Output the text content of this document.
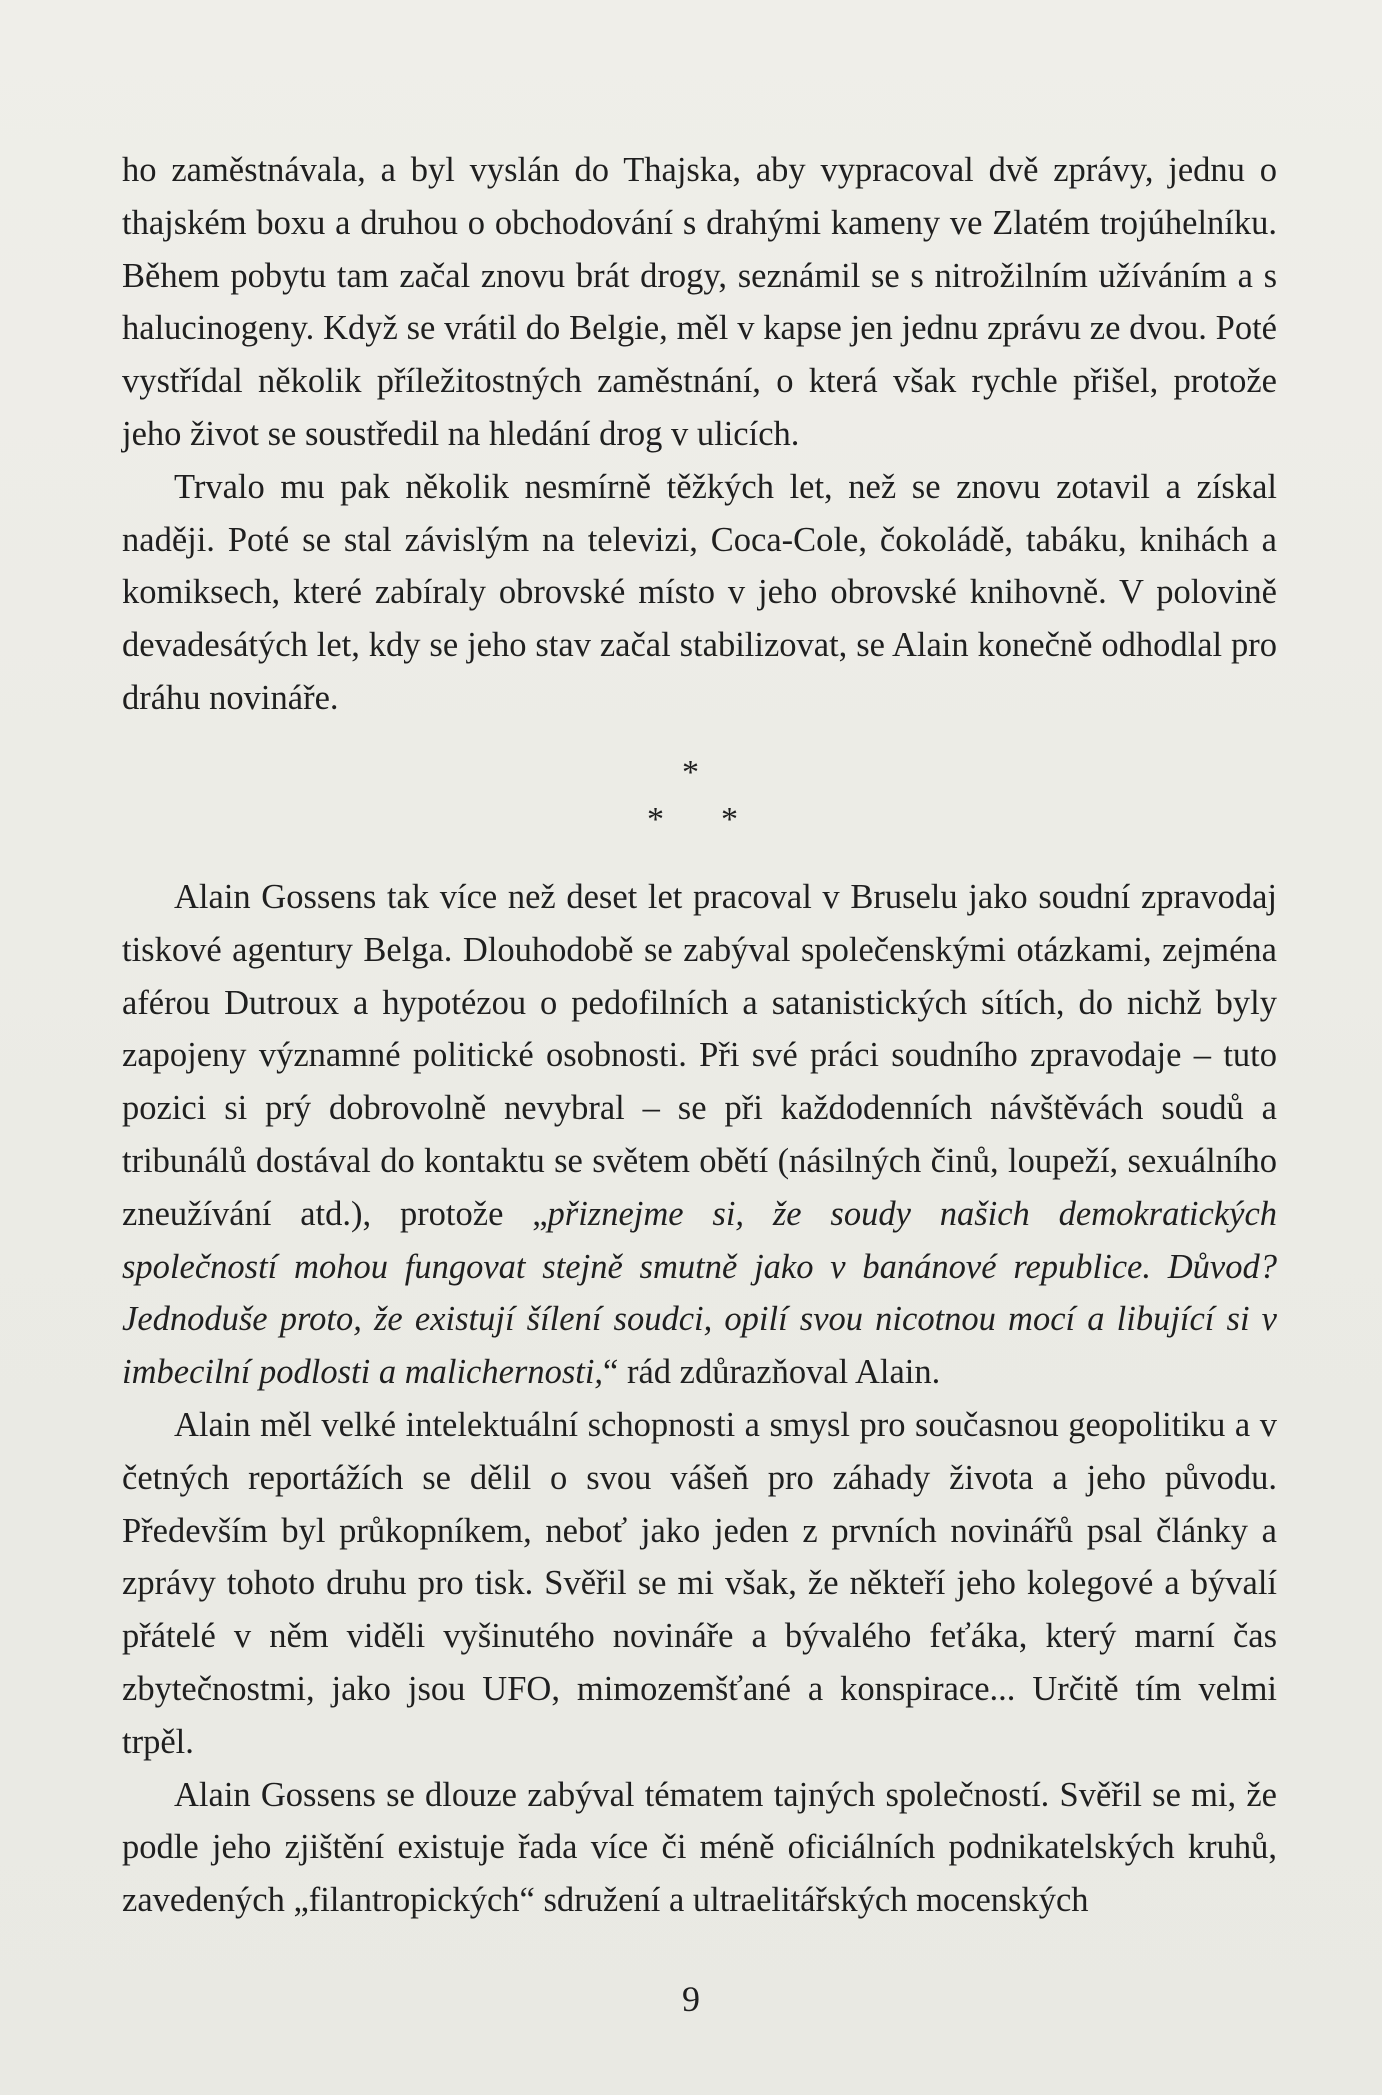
ho zaměstnávala, a byl vyslán do Thajska, aby vypracoval dvě zprávy, jednu o thajském boxu a druhou o obchodování s drahými kameny ve Zlatém trojúhelníku. Během pobytu tam začal znovu brát drogy, seznámil se s nitrožilním užíváním a s halucinogeny. Když se vrátil do Belgie, měl v kapse jen jednu zprávu ze dvou. Poté vystřídal několik příležitostných zaměstnání, o která však rychle přišel, protože jeho život se soustředil na hledání drog v ulicích.

Trvalo mu pak několik nesmírně těžkých let, než se znovu zotavil a získal naději. Poté se stal závislým na televizi, Coca-Cole, čokoládě, tabáku, knihách a komiksech, které zabíraly obrovské místo v jeho obrovské knihovně. V polovině devadesátých let, kdy se jeho stav začal stabilizovat, se Alain konečně odhodlal pro dráhu novináře.

*
* *

Alain Gossens tak více než deset let pracoval v Bruselu jako soudní zpravodaj tiskové agentury Belga. Dlouhodobě se zabýval společenskými otázkami, zejména aférou Dutroux a hypotézou o pedofilních a satanistických sítích, do nichž byly zapojeny významné politické osobnosti. Při své práci soudního zpravodaje – tuto pozici si prý dobrovolně nevybral – se při každodenních návštěvách soudů a tribunálů dostával do kontaktu se světem obětí (násilných činů, loupeží, sexuálního zneužívání atd.), protože „přiznejme si, že soudy našich demokratických společností mohou fungovat stejně smutně jako v banánové republice. Důvod? Jednoduše proto, že existují šílení soudci, opilí svou nicotnou mocí a libující si v imbecilní podlosti a malichernosti,“ rád zdůrazňoval Alain.

Alain měl velké intelektuální schopnosti a smysl pro současnou geopolitiku a v četných reportážích se dělil o svou vášeň pro záhady života a jeho původu. Především byl průkopníkem, neboť jako jeden z prvních novinářů psal články a zprávy tohoto druhu pro tisk. Svěřil se mi však, že někteří jeho kolegové a bývalí přátelé v něm viděli vyšinutého novináře a bývalého feťáka, který marní čas zbytečnostmi, jako jsou UFO, mimozemšťané a konspirace... Určitě tím velmi trpěl.

Alain Gossens se dlouze zabýval tématem tajných společností. Svěřil se mi, že podle jeho zjištění existuje řada více či méně oficiálních podnikatelských kruhů, zavedených „filantropických“ sdružení a ultraelitářských mocenských

9
